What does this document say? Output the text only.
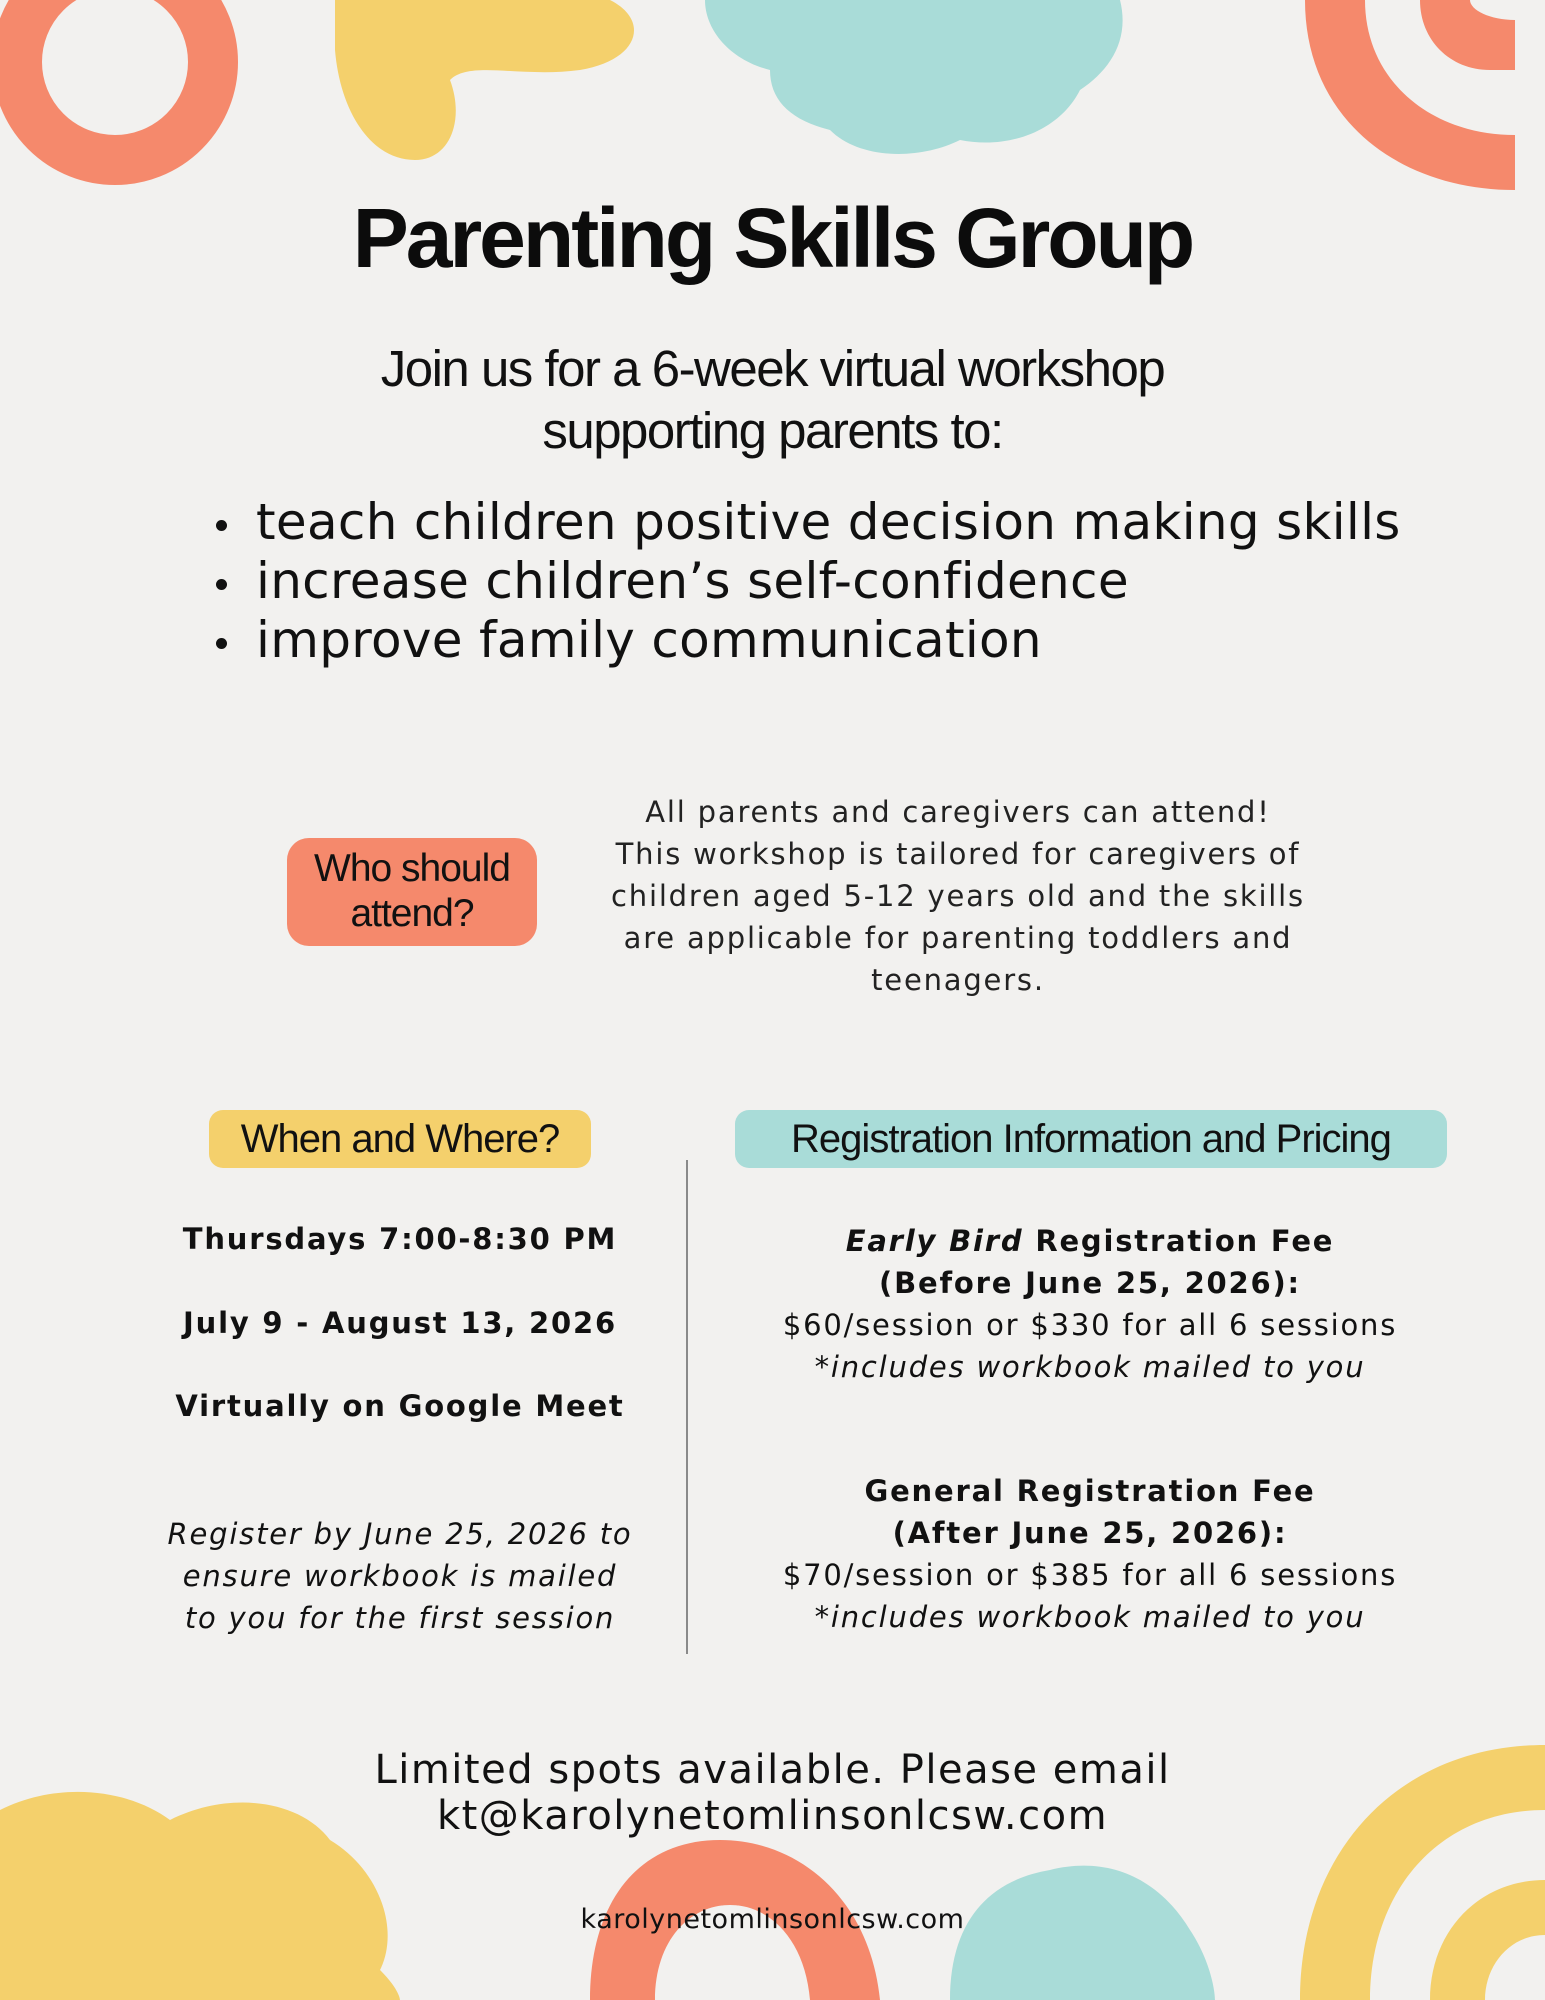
Parenting Skills Group
Join us for a 6-week virtual workshop
supporting parents to:
teach children positive decision making skills
increase children’s self-confidence
improve family communication
Who should
attend?
All parents and caregivers can attend!
This workshop is tailored for caregivers of
children aged 5-12 years old and the skills
are applicable for parenting toddlers and
teenagers.
When and Where?	Registration Information and Pricing
Thursdays 7:00-8:30 PM
July 9 - August 13, 2026
Virtually on Google Meet
Register by June 25, 2026 to
ensure workbook is mailed
to you for the first session
Early Bird Registration Fee
(Before June 25, 2026):
$60/session or $330 for all 6 sessions
*includes workbook mailed to you
General Registration Fee
(After June 25, 2026):
$70/session or $385 for all 6 sessions
*includes workbook mailed to you
Limited spots available. Please email
kt@karolynetomlinsonlcsw.com
karolynetomlinsonlcsw.com
